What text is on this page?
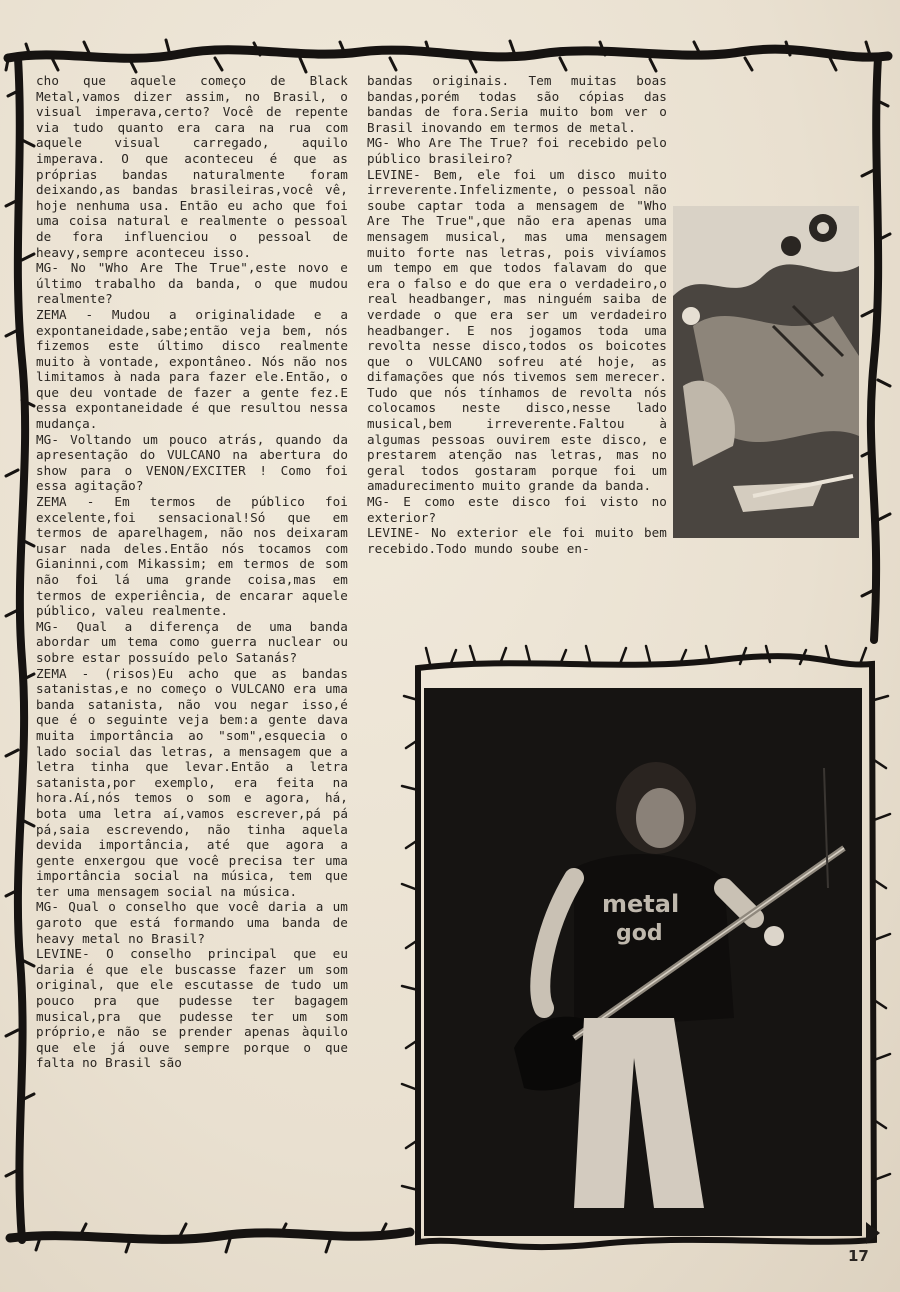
cho que aquele começo de Black Metal,vamos dizer assim, no Brasil, o visual imperava,certo? Você de repente via tudo quanto era cara na rua com aquele visual carregado, aquilo imperava. O que aconteceu é que as próprias bandas naturalmente foram deixando,as bandas brasileiras,você vê, hoje nenhuma usa. Então eu acho que foi uma coisa natural e realmente o pessoal de fora influenciou o pessoal de heavy,sempre aconteceu isso.

MG- No "Who Are The True",este novo e último trabalho da banda, o que mudou realmente?

ZEMA - Mudou a originalidade e a expontaneidade,sabe;então veja bem, nós fizemos este último disco realmente muito à vontade, expontâneo. Nós não nos limitamos à nada para fazer ele.Então, o que deu vontade de fazer a gente fez.E essa expontaneidade é que resultou nessa mudança.

MG- Voltando um pouco atrás, quando da apresentação do VULCANO na abertura do show para o VENON/EXCITER ! Como foi essa agitação?

ZEMA - Em termos de público foi excelente,foi sensacional!Só que em termos de aparelhagem, não nos deixaram usar nada deles.Então nós tocamos com Gianinni,com Mikassim; em termos de som não foi lá uma grande coisa,mas em termos de experiência, de encarar aquele público, valeu realmente.

MG- Qual a diferença de uma banda abordar um tema como guerra nuclear ou sobre estar possuído pelo Satanás?

ZEMA - (risos)Eu acho que as bandas satanistas,e no começo o VULCANO era uma banda satanista, não vou negar isso,é que é o seguinte veja bem:a gente dava muita importância ao "som",esquecia o lado social das letras, a mensagem que a letra tinha que levar.Então a letra satanista,por exemplo, era feita na hora.Aí,nós temos o som e agora, há, bota uma letra aí,vamos escrever,pá pá pá,saia escrevendo, não tinha aquela devida importância, até que agora a gente enxergou que você precisa ter uma importância social na música, tem que ter uma mensagem social na música.

MG- Qual o conselho que você daria a um garoto que está formando uma banda de heavy metal no Brasil?

LEVINE- O conselho principal que eu daria é que ele buscasse fazer um som original, que ele escutasse de tudo um pouco pra que pudesse ter bagagem musical,pra que pudesse ter um som próprio,e não se prender apenas àquilo que ele já ouve sempre porque o que falta no Brasil são

bandas originais. Tem muitas boas bandas,porém todas são cópias das bandas de fora.Seria muito bom ver o Brasil inovando em termos de metal.

MG- Who Are The True? foi recebido pelo público brasileiro?

LEVINE- Bem, ele foi um disco muito irreverente.Infelizmente, o pessoal não soube captar toda a mensagem de "Who Are The True",que não era apenas uma mensagem musical, mas uma mensagem muito forte nas letras, pois vivíamos um tempo em que todos falavam do que era o falso e do que era o verdadeiro,o real headbanger, mas ninguém saiba de verdade o que era ser um verdadeiro headbanger. E nos jogamos toda uma revolta nesse disco,todos os boicotes que o VULCANO sofreu até hoje, as difamações que nós tivemos sem merecer. Tudo que nós tínhamos de revolta nós colocamos neste disco,nesse lado musical,bem irreverente.Faltou à algumas pessoas ouvirem este disco, e prestarem atenção nas letras, mas no geral todos gostaram porque foi um amadurecimento muito grande da banda.

MG- E como este disco foi visto no exterior?

LEVINE- No exterior ele foi muito bem recebido.Todo mundo soube en-

metal
god
17
